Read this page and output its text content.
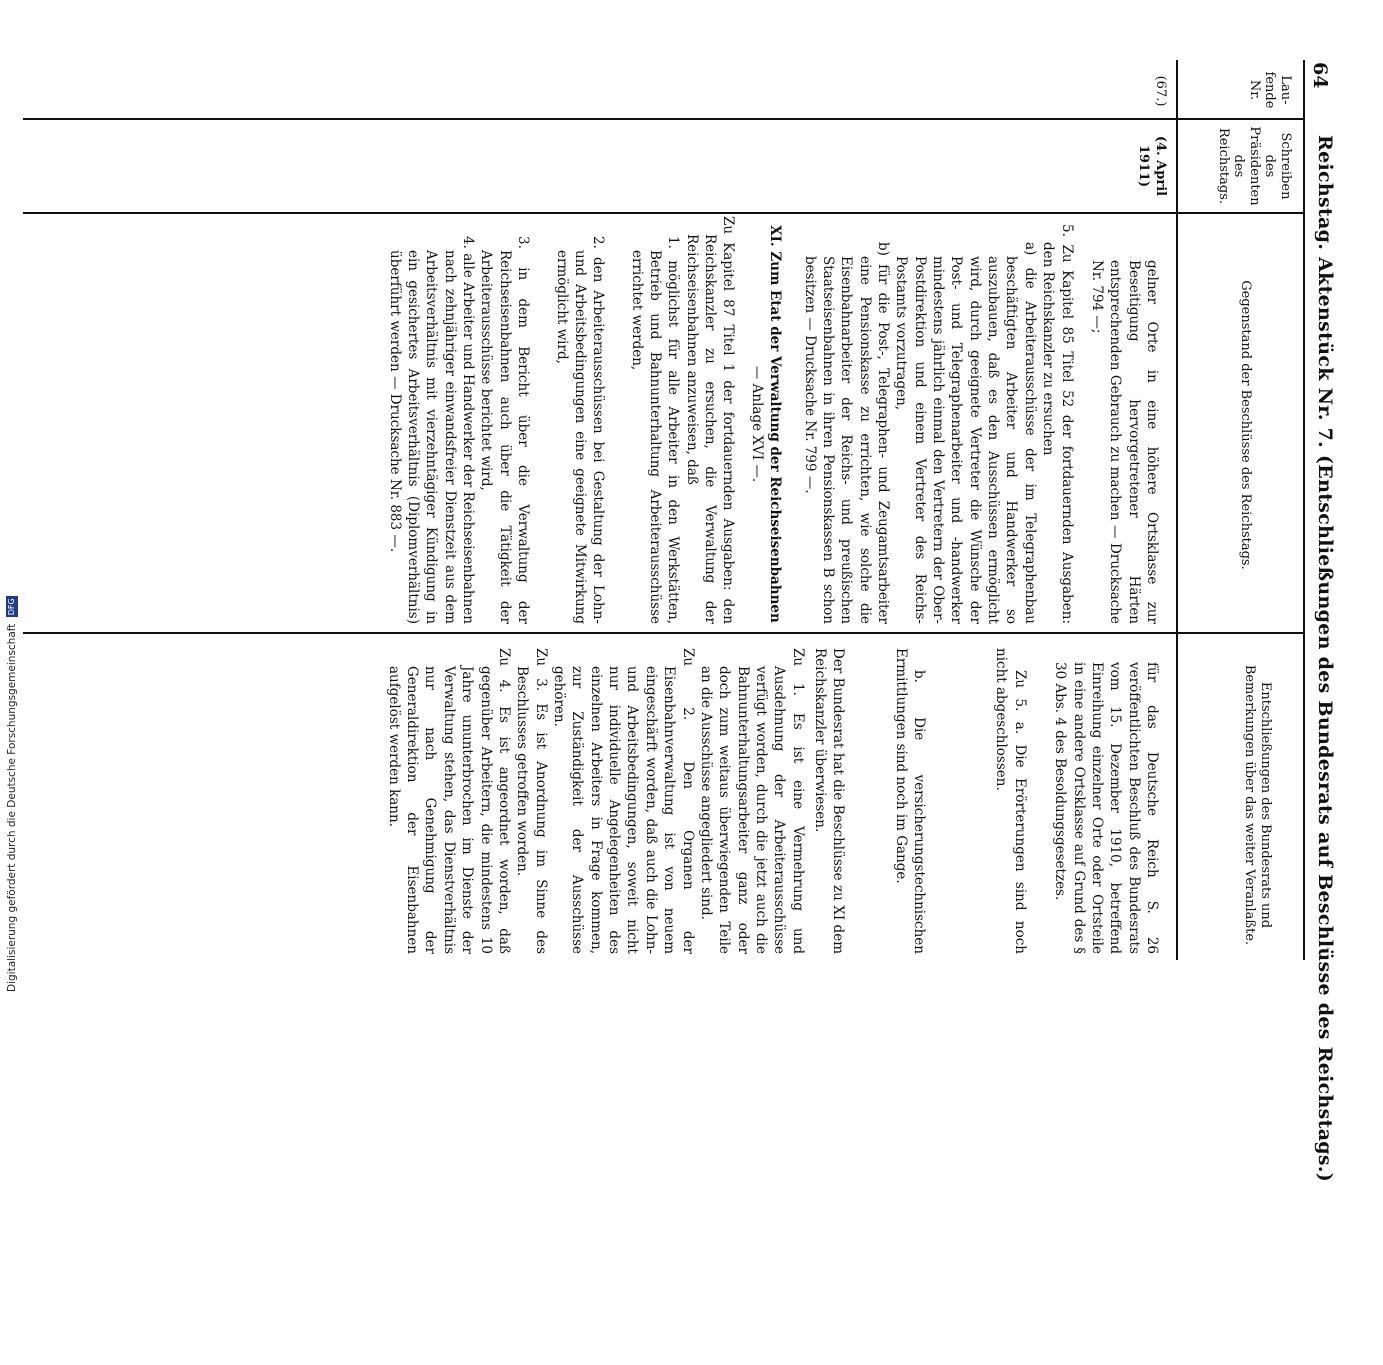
64
Reichstag. Aktenstück Nr. 7. (Entschließungen des Bundesrats auf Beschlüsse des Reichstags.)
Lau- fende Nr.
Schreiben des Präsidenten des Reichstags.
Gegenstand der Beschlüsse des Reichstags.
Entschließungen des Bundesrats und Bemerkungen über das weiter Veranlaßte.
(67.)
(4. April 1911)

gelner Orte in eine höhere Ortsklasse zur Beseitigung hervorgetretener Härten entsprechenden Gebrauch zu machen — Drucksache Nr. 794 —;

5. Zu Kapitel 85 Titel 52 der fortdauernden Ausgaben: den Reichskanzler zu ersuchen

a) die Arbeiterausschüsse der im Telegraphenbau beschäftigten Arbeiter und Handwerker so auszubauen, daß es den Ausschüssen ermöglicht wird, durch geeignete Vertreter die Wünsche der Post- und Telegraphenarbeiter und -handwerker mindestens jährlich einmal den Vertretern der Ober-Postdirektion und einem Vertreter des Reichs-Postamts vorzutragen,

b) für die Post-, Telegraphen- und Zeugamtsarbeiter eine Pensionskasse zu errichten, wie solche die Eisenbahnarbeiter der Reichs- und preußischen Staatseisenbahnen in ihren Pensionskassen B schon besitzen — Drucksache Nr. 799 —.

XI. Zum Etat der Verwaltung der Reichseisenbahnen

— Anlage XVI —.

Zu Kapitel 87 Titel 1 der fortdauernden Ausgaben: den Reichskanzler zu ersuchen, die Verwaltung der Reichseisenbahnen anzuweisen, daß

1. möglichst für alle Arbeiter in den Werkstätten, Betrieb und Bahnunterhaltung Arbeiterausschüsse errichtet werden,

2. den Arbeiterausschüssen bei Gestaltung der Lohn- und Arbeitsbedingungen eine geeignete Mitwirkung ermöglicht wird,

3. in dem Bericht über die Verwaltung der Reichseisenbahnen auch über die Tätigkeit der Arbeiterausschüsse berichtet wird,

4. alle Arbeiter und Handwerker der Reichseisenbahnen nach zehnjähriger einwandsfreier Dienstzeit aus dem Arbeitsverhältnis mit vierzehntägiger Kündigung in ein gesichertes Arbeitsverhältnis (Diplomverhältnis) überführt werden — Drucksache Nr. 883 —.

für das Deutsche Reich S. 26 veröffentlichten Beschluß des Bundesrats vom 15. Dezember 1910, betreffend Einreihung einzelner Orte oder Ortsteile in eine andere Ortsklasse auf Grund des § 30 Abs. 4 des Besoldungsgesetzes.

Zu 5. a. Die Erörterungen sind noch nicht abgeschlossen.

b. Die versicherungstechnischen Ermittlungen sind noch im Gange.

Der Bundesrat hat die Beschlüsse zu XI dem Reichskanzler überwiesen.

Zu 1. Es ist eine Vermehrung und Ausdehnung der Arbeiterausschüsse verfügt worden, durch die jetzt auch die Bahnunterhaltungsarbeiter ganz oder doch zum weitaus überwiegenden Teile an die Ausschüsse angegliedert sind.

Zu 2. Den Organen der Eisenbahnverwaltung ist von neuem eingeschärft worden, daß auch die Lohn- und Arbeitsbedingungen, soweit nicht nur individuelle Angelegenheiten des einzelnen Arbeiters in Frage kommen, zur Zuständigkeit der Ausschüsse gehören.

Zu 3. Es ist Anordnung im Sinne des Beschlusses getroffen worden.

Zu 4. Es ist angeordnet worden, daß gegenüber Arbeitern, die mindestens 10 Jahre ununterbrochen im Dienste der Verwaltung stehen, das Dienstverhältnis nur nach Genehmigung der Generaldirektion der Eisenbahnen aufgelöst werden kann.

Digitalisierung gefördert durch die Deutsche Forschungsgemeinschaft DFG
